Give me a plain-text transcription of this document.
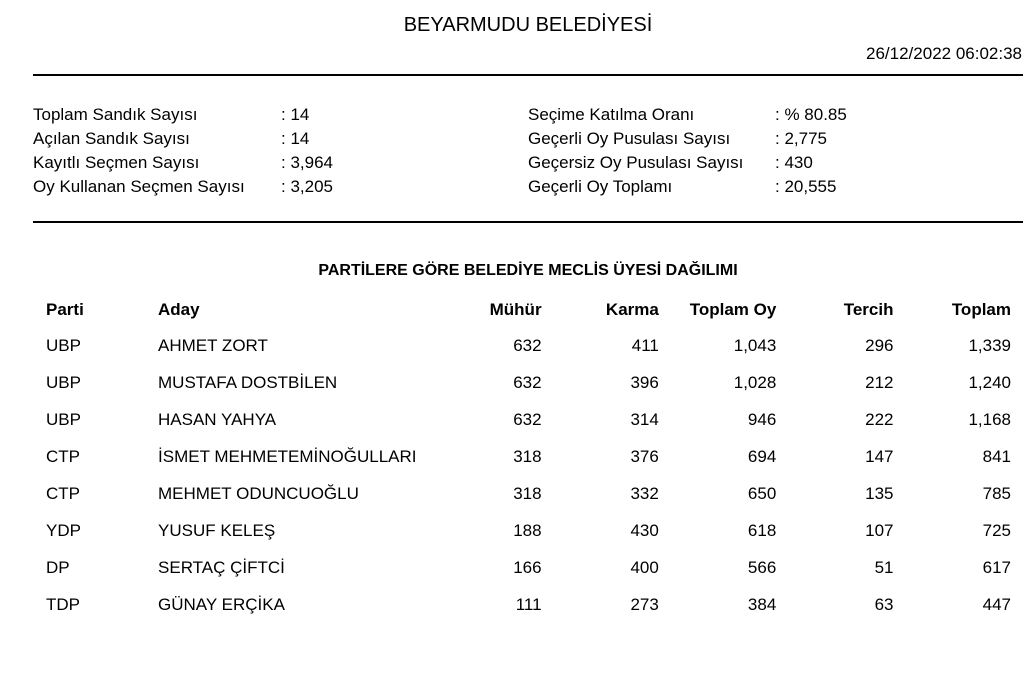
BEYARMUDU BELEDİYESİ
26/12/2022 06:02:38
Toplam Sandık Sayısı	: 14
Açılan Sandık Sayısı	: 14
Kayıtlı Seçmen Sayısı	: 3,964
Oy Kullanan Seçmen Sayısı	: 3,205
Seçime Katılma Oranı	: % 80.85
Geçerli Oy Pusulası Sayısı	: 2,775
Geçersiz Oy Pusulası Sayısı	: 430
Geçerli Oy Toplamı	: 20,555
PARTİLERE GÖRE BELEDİYE MECLİS ÜYESİ DAĞILIMI
Parti	Aday	Mühür	Karma	Toplam Oy	Tercih	Toplam
UBP	AHMET ZORT	632	411	1,043	296	1,339
UBP	MUSTAFA DOSTBİLEN	632	396	1,028	212	1,240
UBP	HASAN YAHYA	632	314	946	222	1,168
CTP	İSMET MEHMETEMİNOĞULLARI	318	376	694	147	841
CTP	MEHMET ODUNCUOĞLU	318	332	650	135	785
YDP	YUSUF KELEŞ	188	430	618	107	725
DP	SERTAÇ ÇİFTCİ	166	400	566	51	617
TDP	GÜNAY ERÇİKA	111	273	384	63	447
